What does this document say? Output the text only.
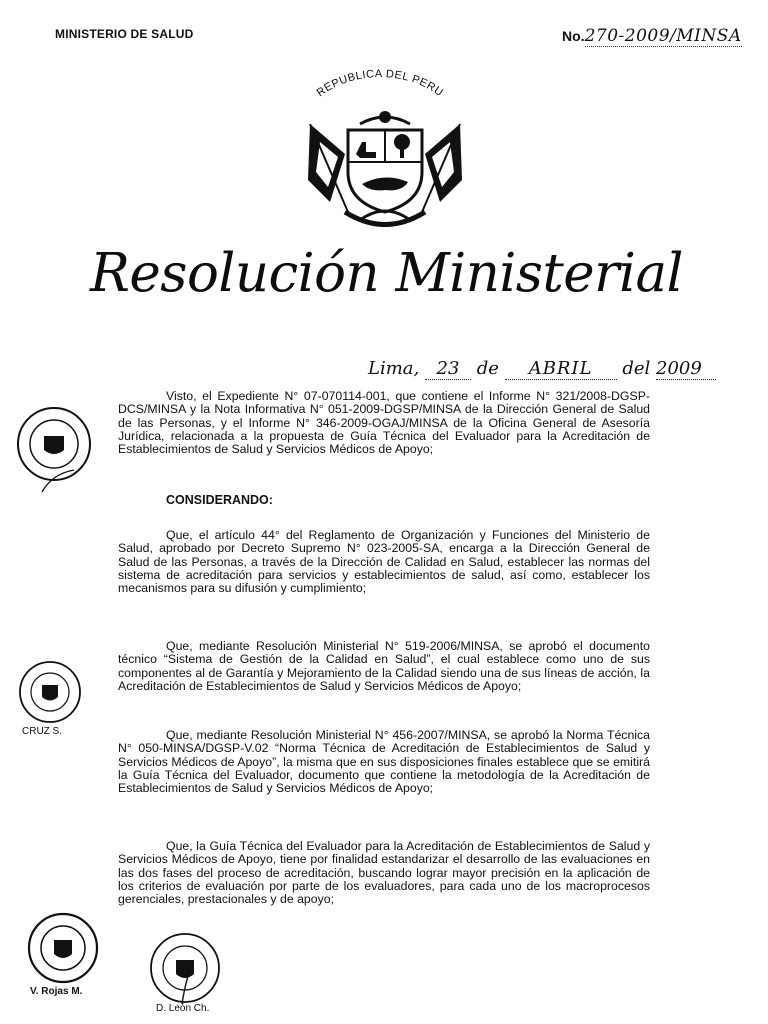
MINISTERIO DE SALUD	No.270-2009/MINSA
REPUBLICA DEL PERU
Resolución Ministerial
Lima, 23 de ABRIL del 2009
Visto, el Expediente N° 07-070114-001, que contiene el Informe N° 321/2008-DGSP-DCS/MINSA y la Nota Informativa N° 051-2009-DGSP/MINSA de la Dirección General de Salud de las Personas, y el Informe N° 346-2009-OGAJ/MINSA de la Oficina General de Asesoría Jurídica, relacionada a la propuesta de Guía Técnica del Evaluador para la Acreditación de Establecimientos de Salud y Servicios Médicos de Apoyo;
CONSIDERANDO:
Que, el artículo 44° del Reglamento de Organización y Funciones del Ministerio de Salud, aprobado por Decreto Supremo N° 023-2005-SA, encarga a la Dirección General de Salud de las Personas, a través de la Dirección de Calidad en Salud, establecer las normas del sistema de acreditación para servicios y establecimientos de salud, así como, establecer los mecanismos para su difusión y cumplimiento;
Que, mediante Resolución Ministerial N° 519-2006/MINSA, se aprobó el documento técnico “Sistema de Gestión de la Calidad en Salud”, el cual establece como uno de sus componentes al de Garantía y Mejoramiento de la Calidad siendo una de sus líneas de acción, la Acreditación de Establecimientos de Salud y Servicios Médicos de Apoyo;
Que, mediante Resolución Ministerial N° 456-2007/MINSA, se aprobó la Norma Técnica N° 050-MINSA/DGSP-V.02 “Norma Técnica de Acreditación de Establecimientos de Salud y Servicios Médicos de Apoyo”, la misma que en sus disposiciones finales establece que se emitirá la Guía Técnica del Evaluador, documento que contiene la metodología de la Acreditación de Establecimientos de Salud y Servicios Médicos de Apoyo;
Que, la Guía Técnica del Evaluador para la Acreditación de Establecimientos de Salud y Servicios Médicos de Apoyo, tiene por finalidad estandarizar el desarrollo de las evaluaciones en las dos fases del proceso de acreditación, buscando lograr mayor precisión en la aplicación de los criterios de evaluación por parte de los evaluadores, para cada uno de los macroprocesos gerenciales, prestacionales y de apoyo;
CRUZ S.
V. Rojas M.
D. León Ch.
